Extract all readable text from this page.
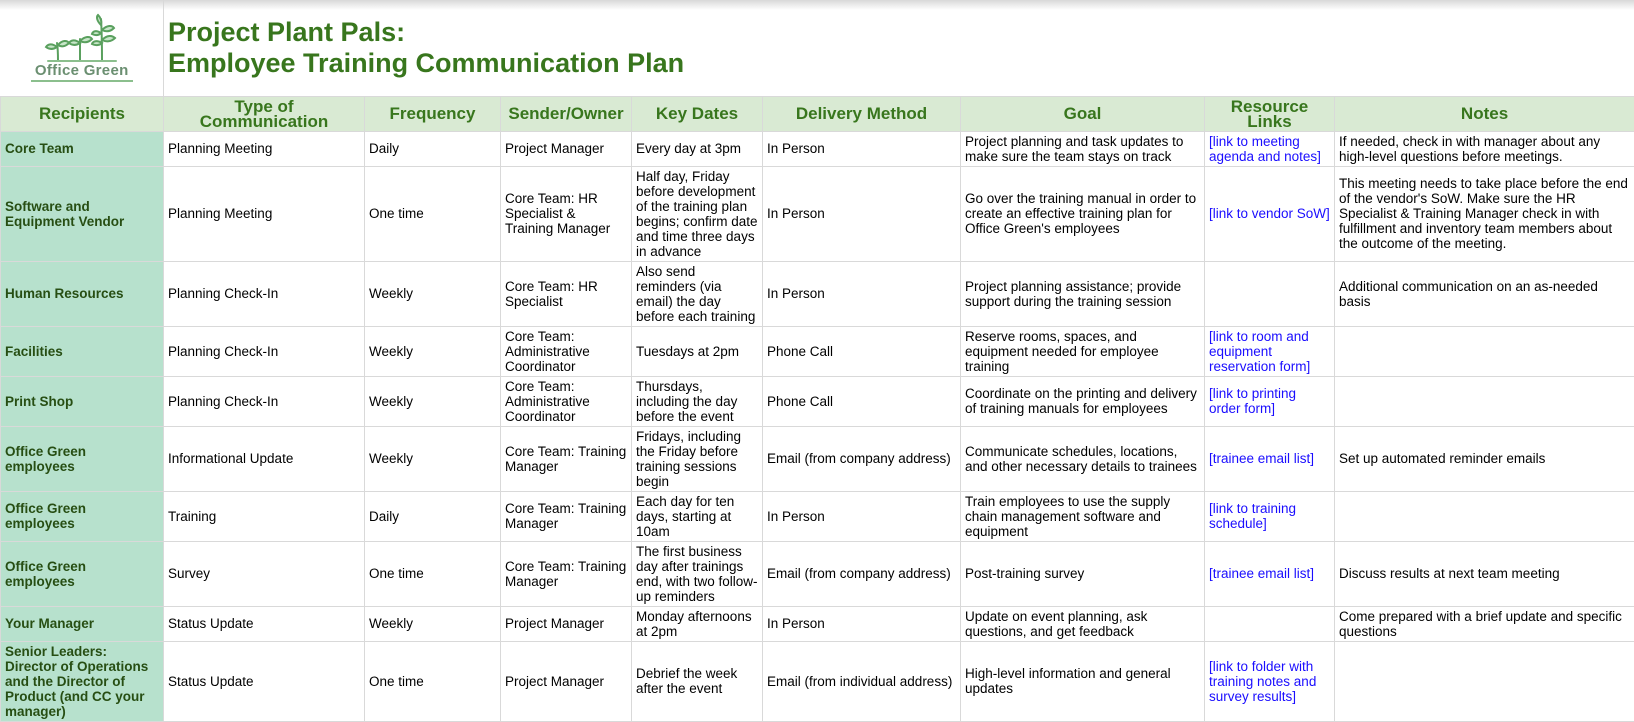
Office Green	Project Plant Pals:
Employee Training Communication Plan							

Recipients	Type of Communication	Frequency	Sender/Owner	Key Dates	Delivery Method	Goal	Resource Links	Notes
Core Team	Planning Meeting	Daily	Project Manager	Every day at 3pm	In Person	Project planning and task updates to make sure the team stays on track	[link to meeting agenda and notes]	If needed, check in with manager about any high-level questions before meetings.
Software and Equipment Vendor	Planning Meeting	One time	Core Team: HR Specialist & Training Manager	Half day, Friday before development of the training plan begins; confirm date and time three days in advance	In Person	Go over the training manual in order to create an effective training plan for Office Green's employees	[link to vendor SoW]	This meeting needs to take place before the end of the vendor's SoW. Make sure the HR Specialist & Training Manager check in with fulfillment and inventory team members about the outcome of the meeting.
Human Resources	Planning Check-In	Weekly	Core Team: HR Specialist	Also send reminders (via email) the day before each training	In Person	Project planning assistance; provide support during the training session		Additional communication on an as-needed basis
Facilities	Planning Check-In	Weekly	Core Team: Administrative Coordinator	Tuesdays at 2pm	Phone Call	Reserve rooms, spaces, and equipment needed for employee training	[link to room and equipment reservation form]	
Print Shop	Planning Check-In	Weekly	Core Team: Administrative Coordinator	Thursdays, including the day before the event	Phone Call	Coordinate on the printing and delivery of training manuals for employees	[link to printing order form]	
Office Green employees	Informational Update	Weekly	Core Team: Training Manager	Fridays, including the Friday before training sessions begin	Email (from company address)	Communicate schedules, locations, and other necessary details to trainees	[trainee email list]	Set up automated reminder emails
Office Green employees	Training	Daily	Core Team: Training Manager	Each day for ten days, starting at 10am	In Person	Train employees to use the supply chain management software and equipment	[link to training schedule]	
Office Green employees	Survey	One time	Core Team: Training Manager	The first business day after trainings end, with two follow-up reminders	Email (from company address)	Post-training survey	[trainee email list]	Discuss results at next team meeting
Your Manager	Status Update	Weekly	Project Manager	Monday afternoons at 2pm	In Person	Update on event planning, ask questions, and get feedback		Come prepared with a brief update and specific questions
Senior Leaders: Director of Operations and the Director of Product (and CC your manager)	Status Update	One time	Project Manager	Debrief the week after the event	Email (from individual address)	High-level information and general updates	[link to folder with training notes and survey results]	
